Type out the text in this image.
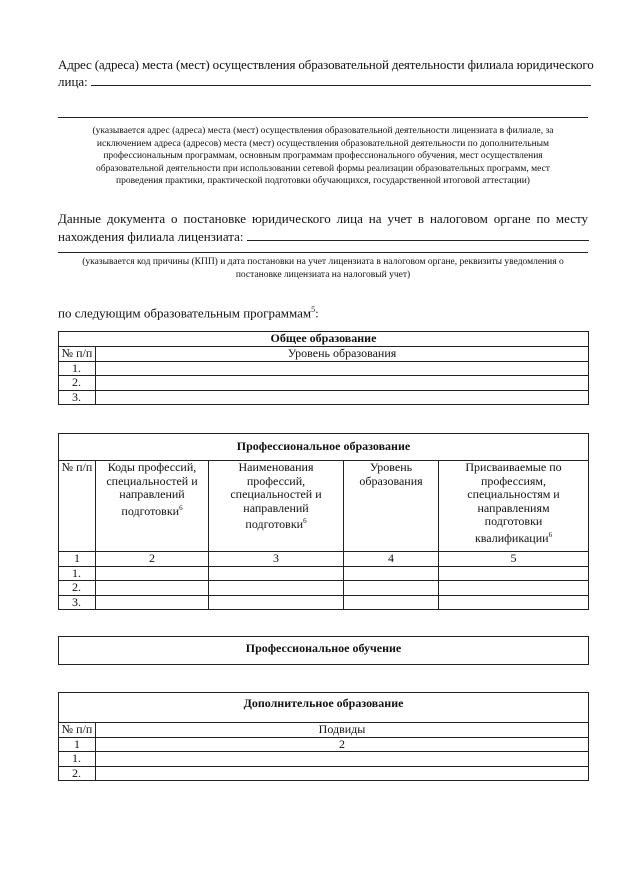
Адрес (адреса) места (мест) осуществления образовательной деятельности филиала юридического
лица:
(указывается адрес (адреса) места (мест) осуществления образовательной деятельности лицензиата в филиале, за
исключением адреса (адресов) места (мест) осуществления образовательной деятельности по дополнительным
профессиональным программам, основным программам профессионального обучения, мест осуществления
образовательной деятельности при использовании сетевой формы реализации образовательных программ, мест
проведения практики, практической подготовки обучающихся, государственной итоговой аттестации)
Данные документа о постановке юридического лица на учет в налоговом органе по месту
нахождения филиала лицензиата:
(указывается код причины (КПП) и дата постановки на учет лицензиата в налоговом органе, реквизиты уведомления о
постановке лицензиата на налоговый учет)
по следующим образовательным программам$^5$:
Общее образование	
№ п/п	Уровень образования
1.	
2.	
3.	
Профессиональное образование				
№ п/п	Коды профессий, специальностей и направлений подготовки$^6$	Наименования профессий, специальностей и направлений подготовки$^6$	Уровень образования	Присваиваемые по профессиям, специальностям и направлениям подготовки квалификации$^6$
1	2	3	4	5
1.				
2.				
3.				
Профессиональное обучение
Дополнительное образование	
№ п/п	Подвиды
1	2
1.	
2.	
